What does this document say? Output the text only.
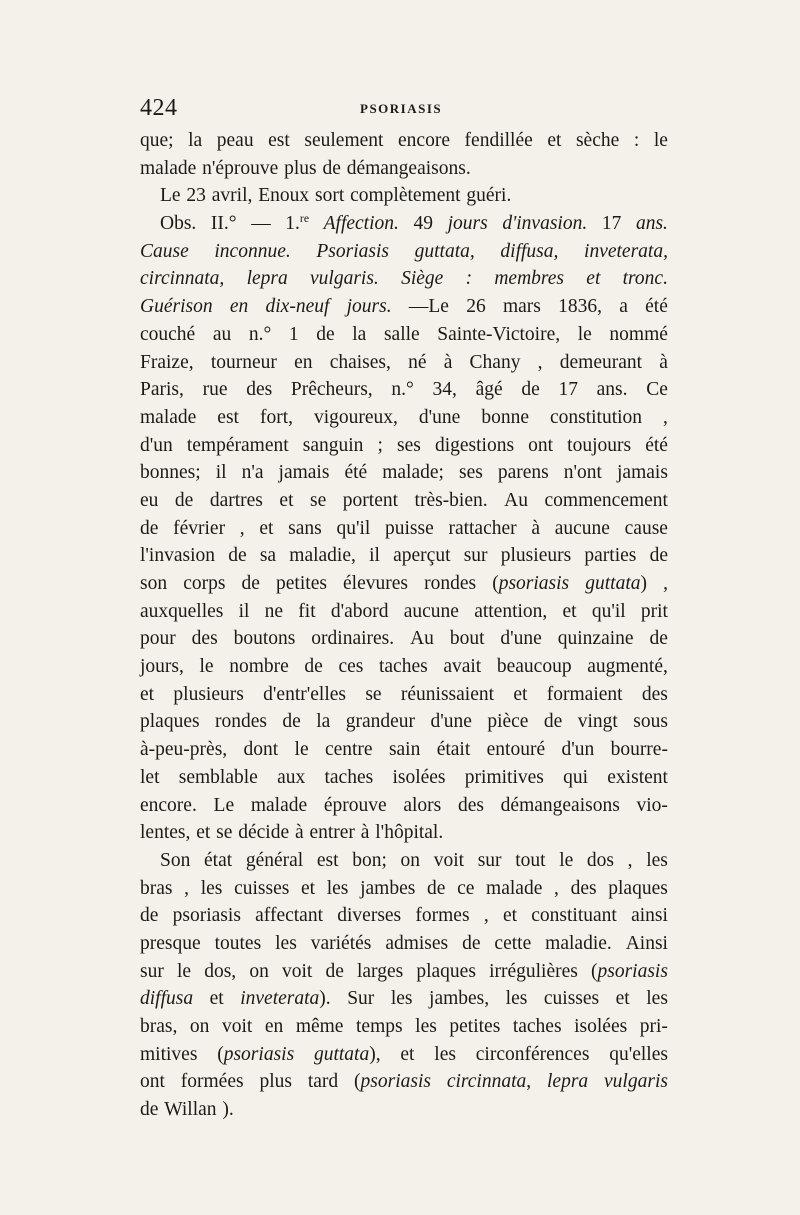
424	PSORIASIS
que; la peau est seulement encore fendillée et sèche : le
malade n'éprouve plus de démangeaisons.
Le 23 avril, Enoux sort complètement guéri.
Obs. II.° — 1.$^{re}$ Affection. 49 jours d'invasion. 17 ans.
Cause inconnue. Psoriasis guttata, diffusa, inveterata,
circinnata, lepra vulgaris. Siège : membres et tronc.
Guérison en dix-neuf jours. —Le 26 mars 1836, a été
couché au n.° 1 de la salle Sainte-Victoire, le nommé
Fraize, tourneur en chaises, né à Chany , demeurant à
Paris, rue des Prêcheurs, n.° 34, âgé de 17 ans. Ce
malade est fort, vigoureux, d'une bonne constitution ,
d'un tempérament sanguin ; ses digestions ont toujours été
bonnes; il n'a jamais été malade; ses parens n'ont jamais
eu de dartres et se portent très-bien. Au commencement
de février , et sans qu'il puisse rattacher à aucune cause
l'invasion de sa maladie, il aperçut sur plusieurs parties de
son corps de petites élevures rondes (psoriasis guttata) ,
auxquelles il ne fit d'abord aucune attention, et qu'il prit
pour des boutons ordinaires. Au bout d'une quinzaine de
jours, le nombre de ces taches avait beaucoup augmenté,
et plusieurs d'entr'elles se réunissaient et formaient des
plaques rondes de la grandeur d'une pièce de vingt sous
à-peu-près, dont le centre sain était entouré d'un bourre-
let semblable aux taches isolées primitives qui existent
encore. Le malade éprouve alors des démangeaisons vio-
lentes, et se décide à entrer à l'hôpital.
Son état général est bon; on voit sur tout le dos , les
bras , les cuisses et les jambes de ce malade , des plaques
de psoriasis affectant diverses formes , et constituant ainsi
presque toutes les variétés admises de cette maladie. Ainsi
sur le dos, on voit de larges plaques irrégulières (psoriasis
diffusa et inveterata). Sur les jambes, les cuisses et les
bras, on voit en même temps les petites taches isolées pri-
mitives (psoriasis guttata), et les circonférences qu'elles
ont formées plus tard (psoriasis circinnata, lepra vulgaris
de Willan ).
